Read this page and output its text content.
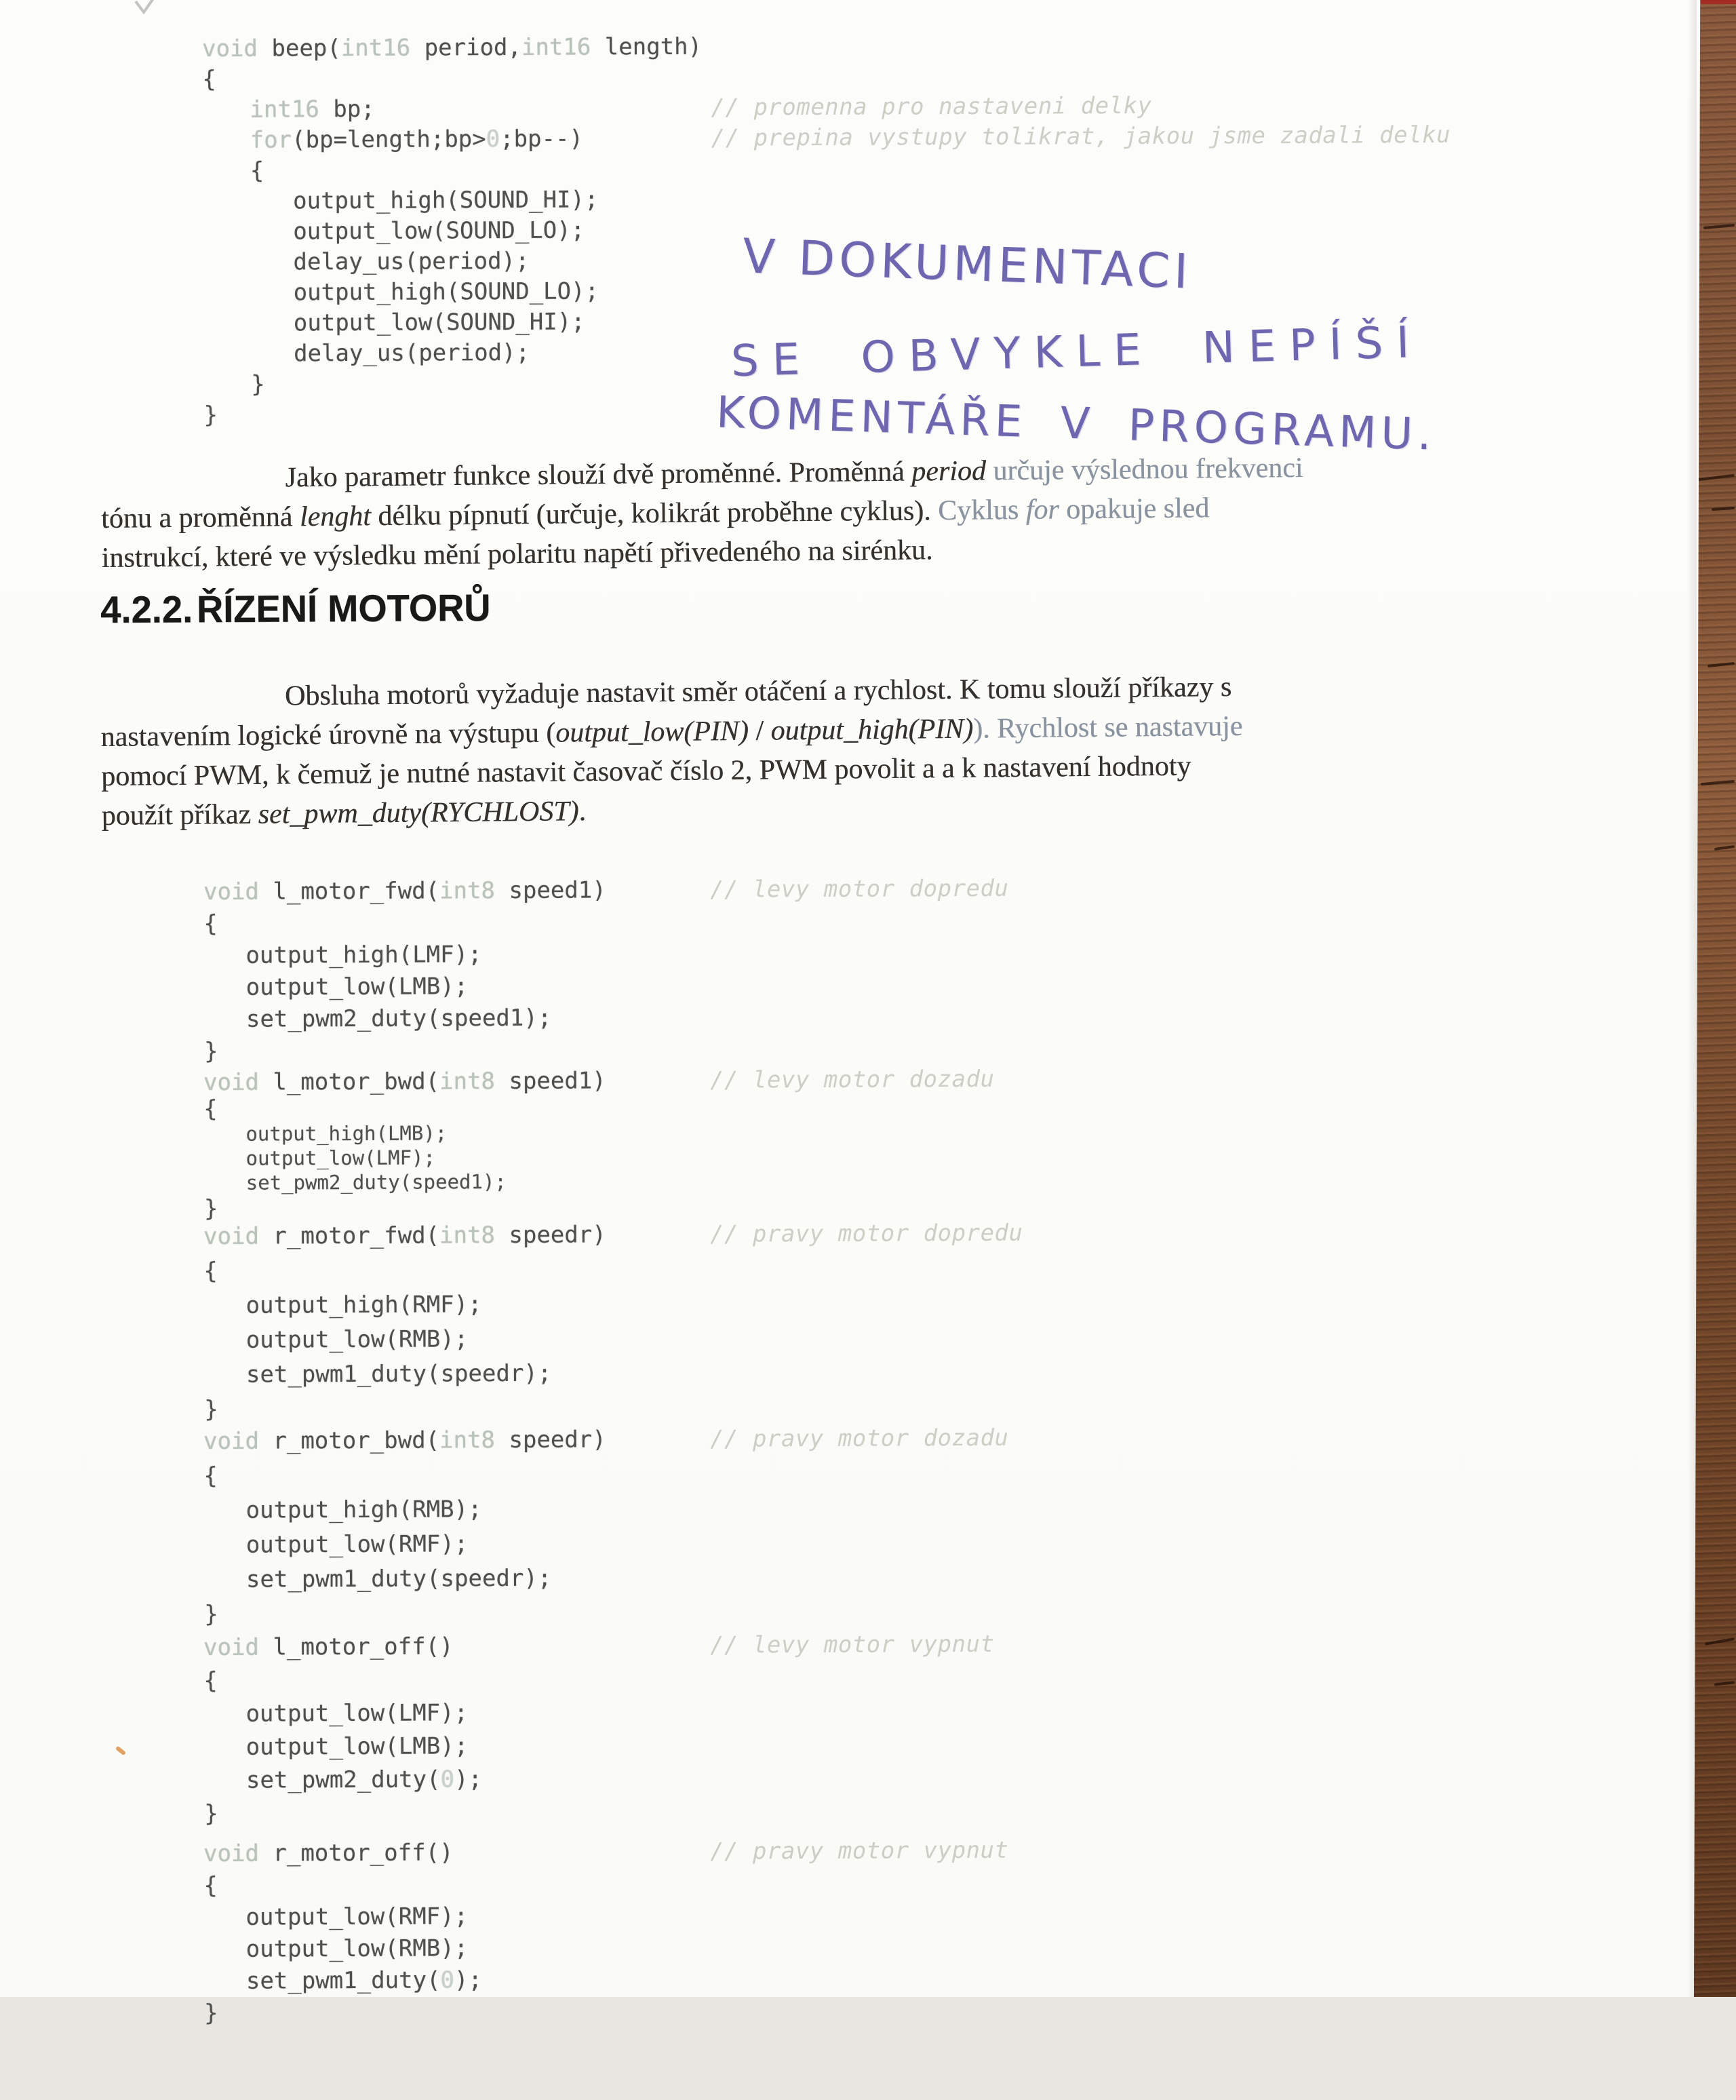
void beep(int16 period,int16 length)
{
int16 bp;	// promenna pro nastaveni delky
for(bp=length;bp>0;bp--)	// prepina vystupy tolikrat, jakou jsme zadali delku
{
output_high(SOUND_HI);
output_low(SOUND_LO);
delay_us(period);
output_high(SOUND_LO);
output_low(SOUND_HI);
delay_us(period);
}
}
void l_motor_fwd(int8 speed1)	// levy motor dopredu
{
output_high(LMF);
output_low(LMB);
set_pwm2_duty(speed1);
}
void l_motor_bwd(int8 speed1)	// levy motor dozadu
{
output_high(LMB);
output_low(LMF);
set_pwm2_duty(speed1);
}
void r_motor_fwd(int8 speedr)	// pravy motor dopredu
{
output_high(RMF);
output_low(RMB);
set_pwm1_duty(speedr);
}
void r_motor_bwd(int8 speedr)	// pravy motor dozadu
{
output_high(RMB);
output_low(RMF);
set_pwm1_duty(speedr);
}
void l_motor_off()	// levy motor vypnut
{
output_low(LMF);
output_low(LMB);
set_pwm2_duty(0);
}
void r_motor_off()	// pravy motor vypnut
{
output_low(RMF);
output_low(RMB);
set_pwm1_duty(0);
}
V DOKUMENTACI
SE OBVYKLE NEPÍŠÍ
KOMENTÁŘE V PROGRAMU.
Jako parametr funkce slouží dvě proměnné. Proměnná period určuje výslednou frekvenci
tónu a proměnná lenght délku pípnutí (určuje, kolikrát proběhne cyklus). Cyklus for opakuje sled
instrukcí, které ve výsledku mění polaritu napětí přivedeného na sirénku.
4.2.2.ŘÍZENÍ MOTORŮ
Obsluha motorů vyžaduje nastavit směr otáčení a rychlost. K tomu slouží příkazy s
nastavením logické úrovně na výstupu (output_low(PIN) / output_high(PIN)). Rychlost se nastavuje
pomocí PWM, k čemuž je nutné nastavit časovač číslo 2, PWM povolit a a k nastavení hodnoty
použít příkaz set_pwm_duty(RYCHLOST).
